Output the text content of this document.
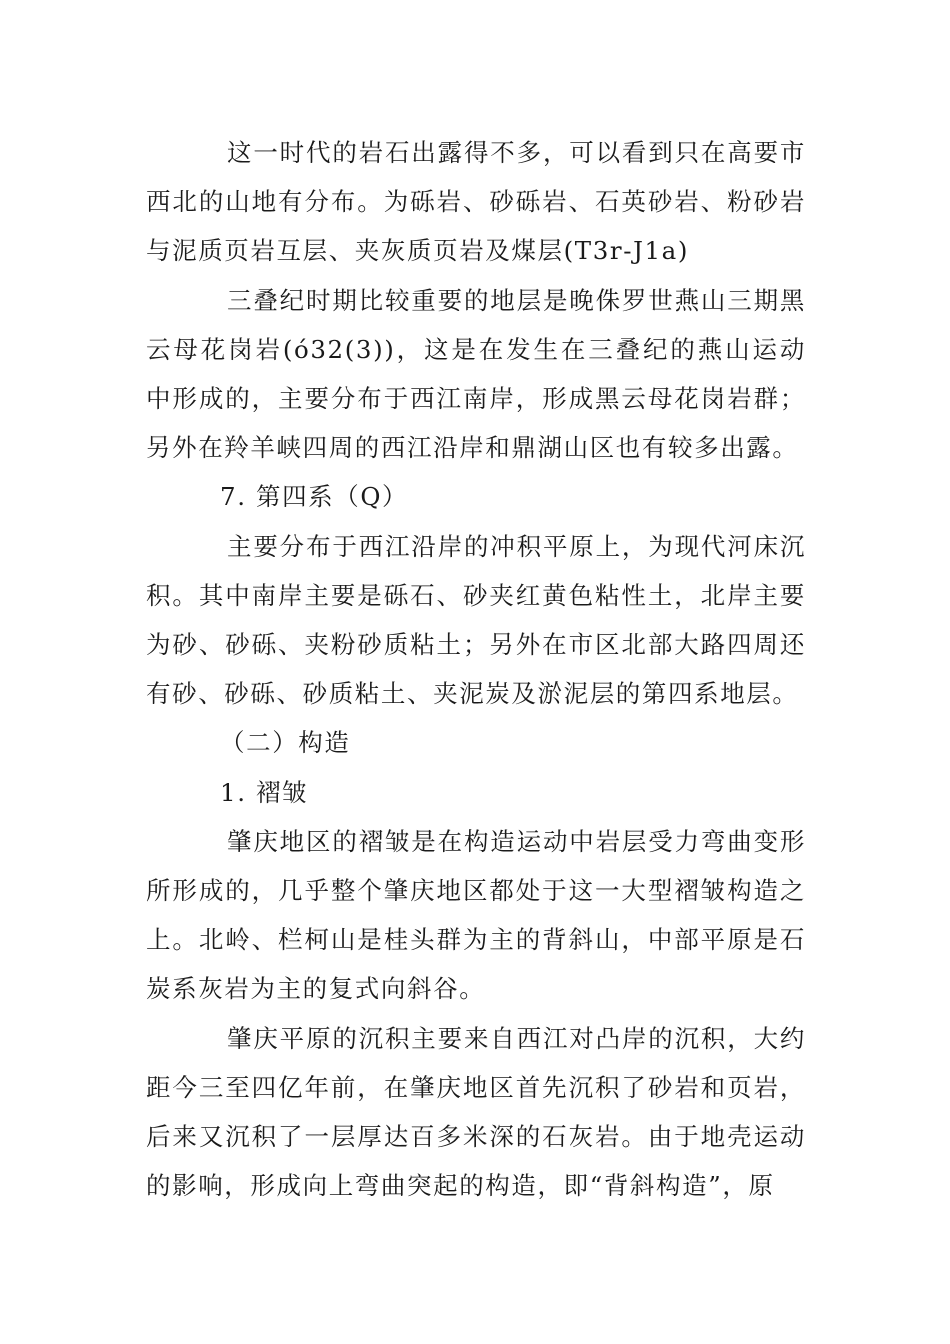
这一时代的岩石出露得不多，可以看到只在高要市西北的山地有分布。为砾岩、砂砾岩、石英砂岩、粉砂岩与泥质页岩互层、夹灰质页岩及煤层(T3r-J1a)

三叠纪时期比较重要的地层是晚侏罗世燕山三期黑云母花岗岩(ό32(3))，这是在发生在三叠纪的燕山运动中形成的，主要分布于西江南岸，形成黑云母花岗岩群；另外在羚羊峡四周的西江沿岸和鼎湖山区也有较多出露。

7. 第四系（Q）

主要分布于西江沿岸的冲积平原上，为现代河床沉积。其中南岸主要是砾石、砂夹红黄色粘性土，北岸主要为砂、砂砾、夹粉砂质粘土；另外在市区北部大路四周还有砂、砂砾、砂质粘土、夹泥炭及淤泥层的第四系地层。

（二）构造

1. 褶皱

肇庆地区的褶皱是在构造运动中岩层受力弯曲变形所形成的，几乎整个肇庆地区都处于这一大型褶皱构造之上。北岭、栏柯山是桂头群为主的背斜山，中部平原是石炭系灰岩为主的复式向斜谷。

肇庆平原的沉积主要来自西江对凸岸的沉积，大约距今三至四亿年前，在肇庆地区首先沉积了砂岩和页岩，后来又沉积了一层厚达百多米深的石灰岩。由于地壳运动的影响，形成向上弯曲突起的构造，即“背斜构造”，原
